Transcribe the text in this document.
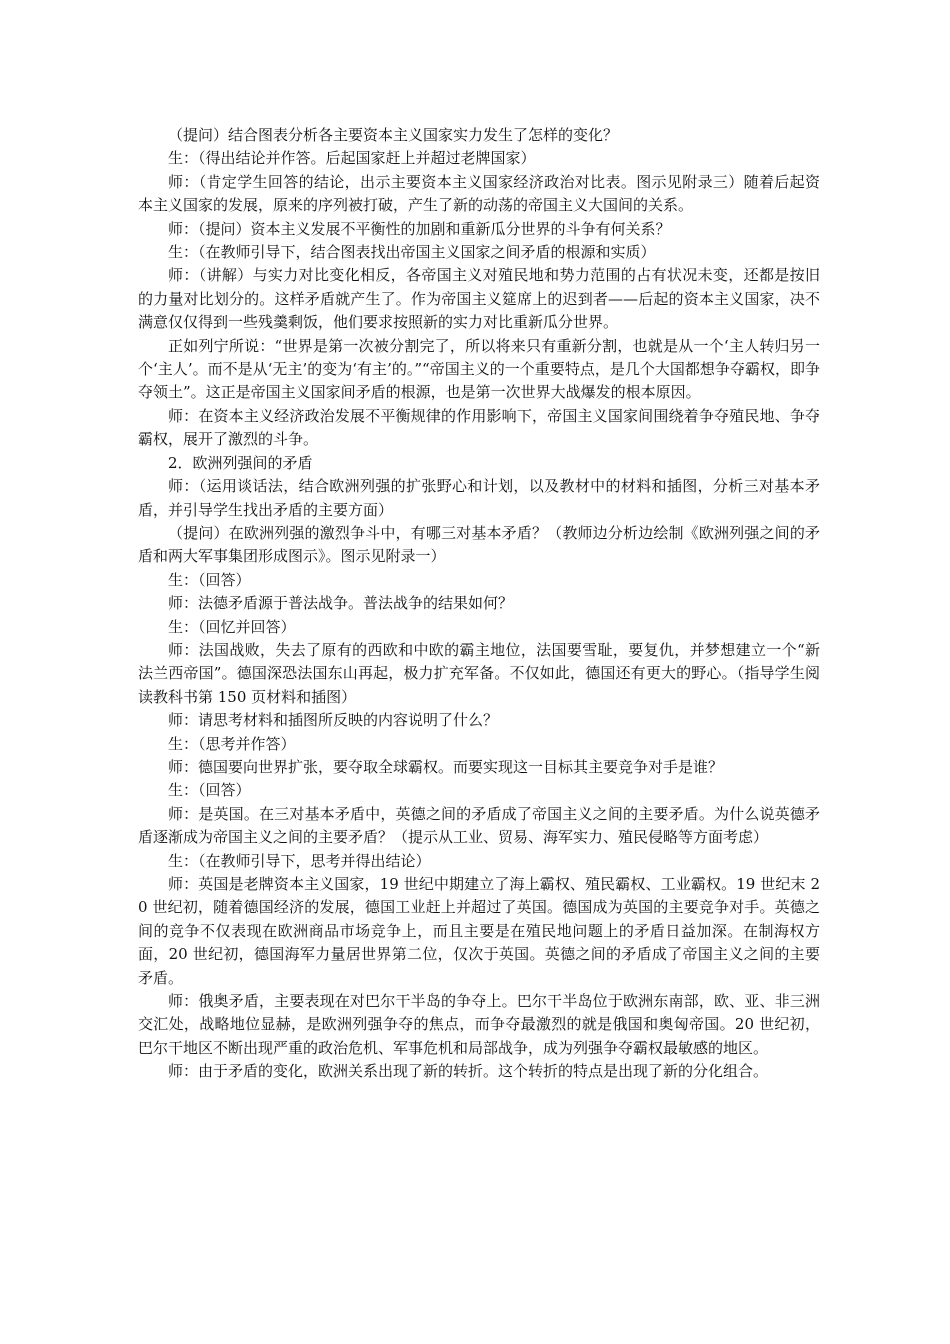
（提问）结合图表分析各主要资本主义国家实力发生了怎样的变化？

生：（得出结论并作答。后起国家赶上并超过老牌国家）

师：（肯定学生回答的结论，出示主要资本主义国家经济政治对比表。图示见附录三）随着后起资本主义国家的发展，原来的序列被打破，产生了新的动荡的帝国主义大国间的关系。

师：（提问）资本主义发展不平衡性的加剧和重新瓜分世界的斗争有何关系？

生：（在教师引导下，结合图表找出帝国主义国家之间矛盾的根源和实质）

师：（讲解）与实力对比变化相反，各帝国主义对殖民地和势力范围的占有状况未变，还都是按旧的力量对比划分的。这样矛盾就产生了。作为帝国主义筵席上的迟到者——后起的资本主义国家，决不满意仅仅得到一些残羹剩饭，他们要求按照新的实力对比重新瓜分世界。

正如列宁所说：“世界是第一次被分割完了，所以将来只有重新分割，也就是从一个‘主人转归另一个‘主人’。而不是从‘无主’的变为‘有主’的。”“帝国主义的一个重要特点，是几个大国都想争夺霸权，即争夺领土”。这正是帝国主义国家间矛盾的根源，也是第一次世界大战爆发的根本原因。

师：在资本主义经济政治发展不平衡规律的作用影响下，帝国主义国家间围绕着争夺殖民地、争夺霸权，展开了激烈的斗争。

2．欧洲列强间的矛盾

师：（运用谈话法，结合欧洲列强的扩张野心和计划，以及教材中的材料和插图，分析三对基本矛盾，并引导学生找出矛盾的主要方面）

（提问）在欧洲列强的激烈争斗中，有哪三对基本矛盾？（教师边分析边绘制《欧洲列强之间的矛盾和两大军事集团形成图示》。图示见附录一）

生：（回答）

师：法德矛盾源于普法战争。普法战争的结果如何？

生：（回忆并回答）

师：法国战败，失去了原有的西欧和中欧的霸主地位，法国要雪耻，要复仇，并梦想建立一个“新法兰西帝国”。德国深恐法国东山再起，极力扩充军备。不仅如此，德国还有更大的野心。（指导学生阅读教科书第 150 页材料和插图）

师：请思考材料和插图所反映的内容说明了什么？

生：（思考并作答）

师：德国要向世界扩张，要夺取全球霸权。而要实现这一目标其主要竞争对手是谁？

生：（回答）

师：是英国。在三对基本矛盾中，英德之间的矛盾成了帝国主义之间的主要矛盾。为什么说英德矛盾逐渐成为帝国主义之间的主要矛盾？（提示从工业、贸易、海军实力、殖民侵略等方面考虑）

生：（在教师引导下，思考并得出结论）

师：英国是老牌资本主义国家，19 世纪中期建立了海上霸权、殖民霸权、工业霸权。19 世纪末 20 世纪初，随着德国经济的发展，德国工业赶上并超过了英国。德国成为英国的主要竞争对手。英德之间的竞争不仅表现在欧洲商品市场竞争上，而且主要是在殖民地问题上的矛盾日益加深。在制海权方面，20 世纪初，德国海军力量居世界第二位，仅次于英国。英德之间的矛盾成了帝国主义之间的主要矛盾。

师：俄奥矛盾，主要表现在对巴尔干半岛的争夺上。巴尔干半岛位于欧洲东南部，欧、亚、非三洲交汇处，战略地位显赫，是欧洲列强争夺的焦点，而争夺最激烈的就是俄国和奥匈帝国。20 世纪初，巴尔干地区不断出现严重的政治危机、军事危机和局部战争，成为列强争夺霸权最敏感的地区。

师：由于矛盾的变化，欧洲关系出现了新的转折。这个转折的特点是出现了新的分化组合。
